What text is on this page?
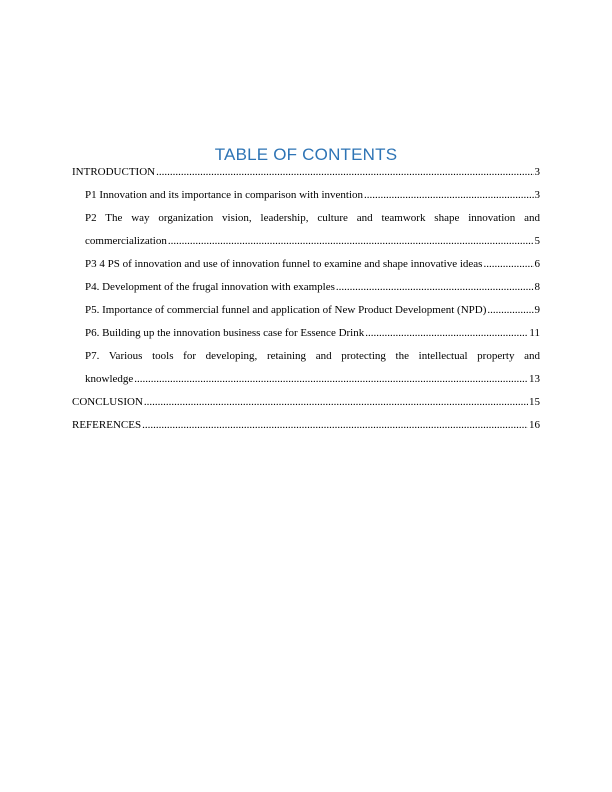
TABLE OF CONTENTS
INTRODUCTION .....	3
P1 Innovation and its importance in comparison with invention .....	3
P2 The way organization vision, leadership, culture and teamwork shape innovation and
commercialization .....	5
P3 4 PS of innovation and use of innovation funnel to examine and shape innovative ideas .....	6
P4. Development of the frugal innovation with examples .....	8
P5. Importance of commercial funnel and application of New Product Development (NPD) .....	9
P6. Building up the innovation business case for Essence Drink .....	11
P7. Various tools for developing, retaining and protecting the intellectual property and
knowledge .....	13
CONCLUSION .....	15
REFERENCES .....	16
